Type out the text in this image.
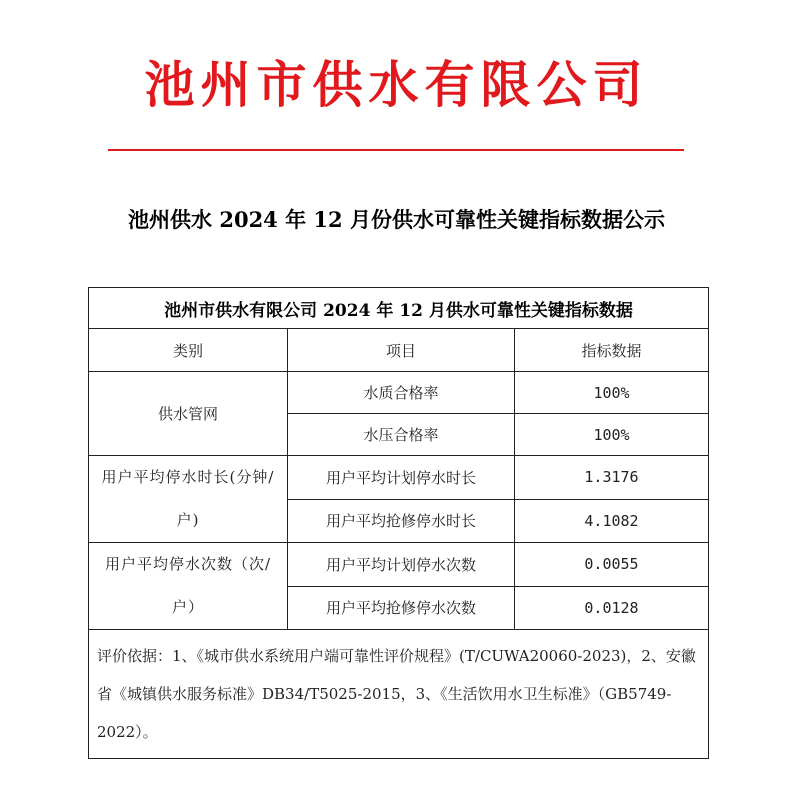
池州市供水有限公司
池州供水 2024 年 12 月份供水可靠性关键指标数据公示
池州市供水有限公司 2024 年 12 月供水可靠性关键指标数据		
类别	项目	指标数据
供水管网	水质合格率	100%
	水压合格率	100%
用户平均停水时长(分钟/户)	用户平均计划停水时长	1.3176
	用户平均抢修停水时长	4.1082
用户平均停水次数（次/户）	用户平均计划停水次数	0.0055
	用户平均抢修停水次数	0.0128
评价依据：1、《城市供水系统用户端可靠性评价规程》(T/CUWA20060-2023)，2、安徽省《城镇供水服务标准》DB34/T5025-2015，3、《生活饮用水卫生标准》（GB5749-2022）。		
